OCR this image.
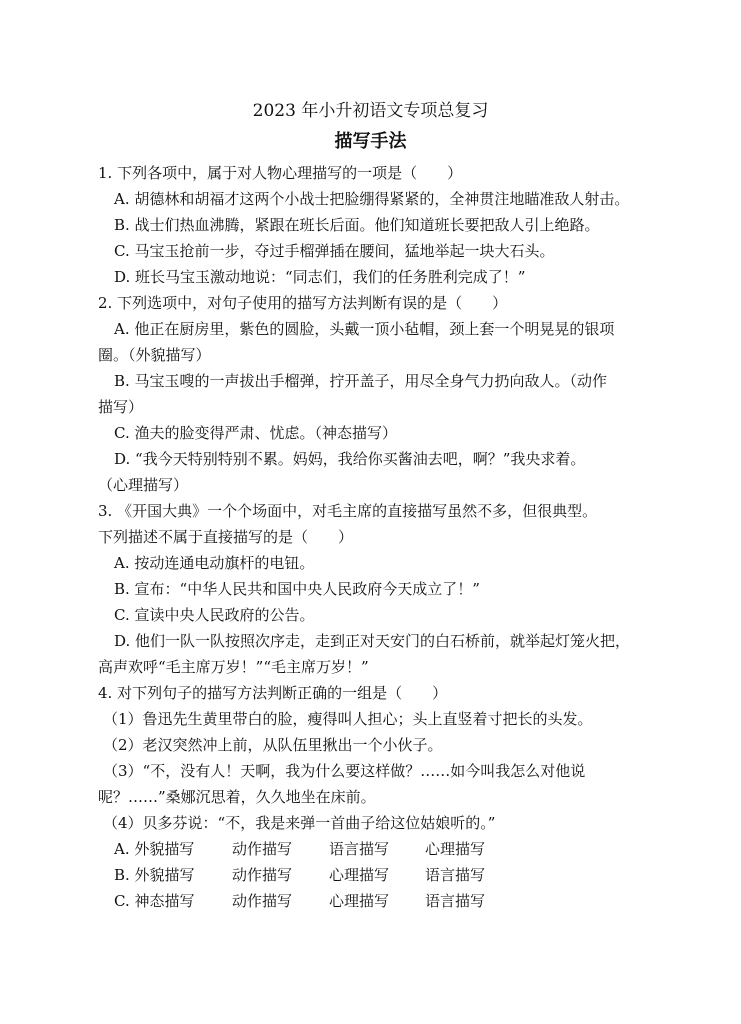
2023 年小升初语文专项总复习
描写手法
1. 下列各项中，属于对人物心理描写的一项是（　　）
A. 胡德林和胡福才这两个小战士把脸绷得紧紧的，全神贯注地瞄准敌人射击。
B. 战士们热血沸腾，紧跟在班长后面。他们知道班长要把敌人引上绝路。
C. 马宝玉抢前一步，夺过手榴弹插在腰间，猛地举起一块大石头。
D. 班长马宝玉激动地说：“同志们，我们的任务胜利完成了！”
2. 下列选项中，对句子使用的描写方法判断有误的是（　　）
A. 他正在厨房里，紫色的圆脸，头戴一顶小毡帽，颈上套一个明晃晃的银项
圈。（外貌描写）
B. 马宝玉嗖的一声拔出手榴弹，拧开盖子，用尽全身气力扔向敌人。（动作
描写）
C. 渔夫的脸变得严肃、忧虑。（神态描写）
D. “我今天特别特别不累。妈妈，我给你买酱油去吧，啊？”我央求着。
（心理描写）
3. 《开国大典》一个个场面中，对毛主席的直接描写虽然不多，但很典型。
下列描述不属于直接描写的是（　　）
A. 按动连通电动旗杆的电钮。
B. 宣布：“中华人民共和国中央人民政府今天成立了！”
C. 宣读中央人民政府的公告。
D. 他们一队一队按照次序走，走到正对天安门的白石桥前，就举起灯笼火把，
高声欢呼“毛主席万岁！”“毛主席万岁！”
4. 对下列句子的描写方法判断正确的一组是（　　）
（1）鲁迅先生黄里带白的脸，瘦得叫人担心；头上直竖着寸把长的头发。
（2）老汉突然冲上前，从队伍里揪出一个小伙子。
（3）“不，没有人！天啊，我为什么要这样做？……如今叫我怎么对他说
呢？……”桑娜沉思着，久久地坐在床前。
（4）贝多芬说：“不，我是来弹一首曲子给这位姑娘听的。”
A. 外貌描写	动作描写 语言描写 心理描写
B. 外貌描写 动作描写 心理描写 语言描写
C. 神态描写	动作描写 心理描写 语言描写
